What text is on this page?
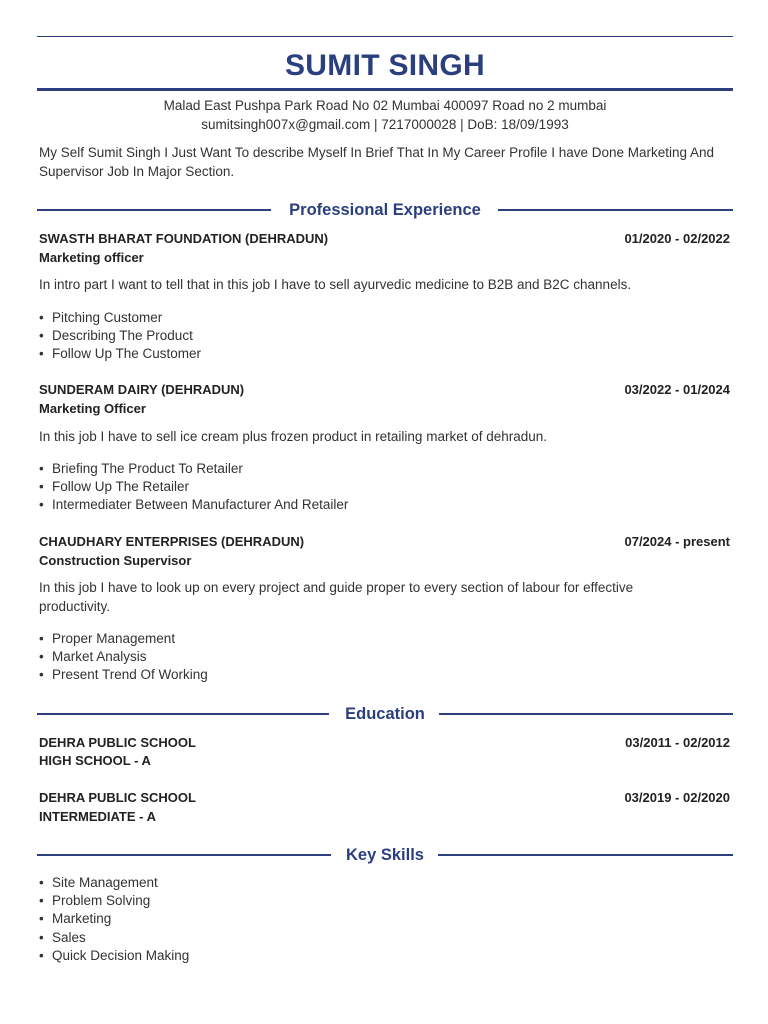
SUMIT SINGH
Malad East Pushpa Park Road No 02 Mumbai 400097 Road no 2 mumbai
sumitsingh007x@gmail.com | 7217000028 | DoB: 18/09/1993
My Self Sumit Singh I Just Want To describe Myself In Brief That In My Career Profile I have Done Marketing And Supervisor Job In Major Section.
Professional Experience
SWASTH BHARAT FOUNDATION (DEHRADUN)	01/2020 - 02/2022
Marketing officer
In intro part I want to tell that in this job I have to sell ayurvedic medicine to B2B and B2C channels.
• Pitching Customer
• Describing The Product
• Follow Up The Customer
SUNDERAM DAIRY (DEHRADUN)	03/2022 - 01/2024
Marketing Officer
In this job I have to sell ice cream plus frozen product in retailing market of dehradun.
• Briefing The Product To Retailer
• Follow Up The Retailer
• Intermediater Between Manufacturer And Retailer
CHAUDHARY ENTERPRISES (DEHRADUN)	07/2024 - present
Construction Supervisor
In this job I have to look up on every project and guide proper to every section of labour for effective productivity.
• Proper Management
• Market Analysis
• Present Trend Of Working
Education
DEHRA PUBLIC SCHOOL	03/2011 - 02/2012
HIGH SCHOOL - A
DEHRA PUBLIC SCHOOL	03/2019 - 02/2020
INTERMEDIATE - A
Key Skills
• Site Management
• Problem Solving
• Marketing
• Sales
• Quick Decision Making
